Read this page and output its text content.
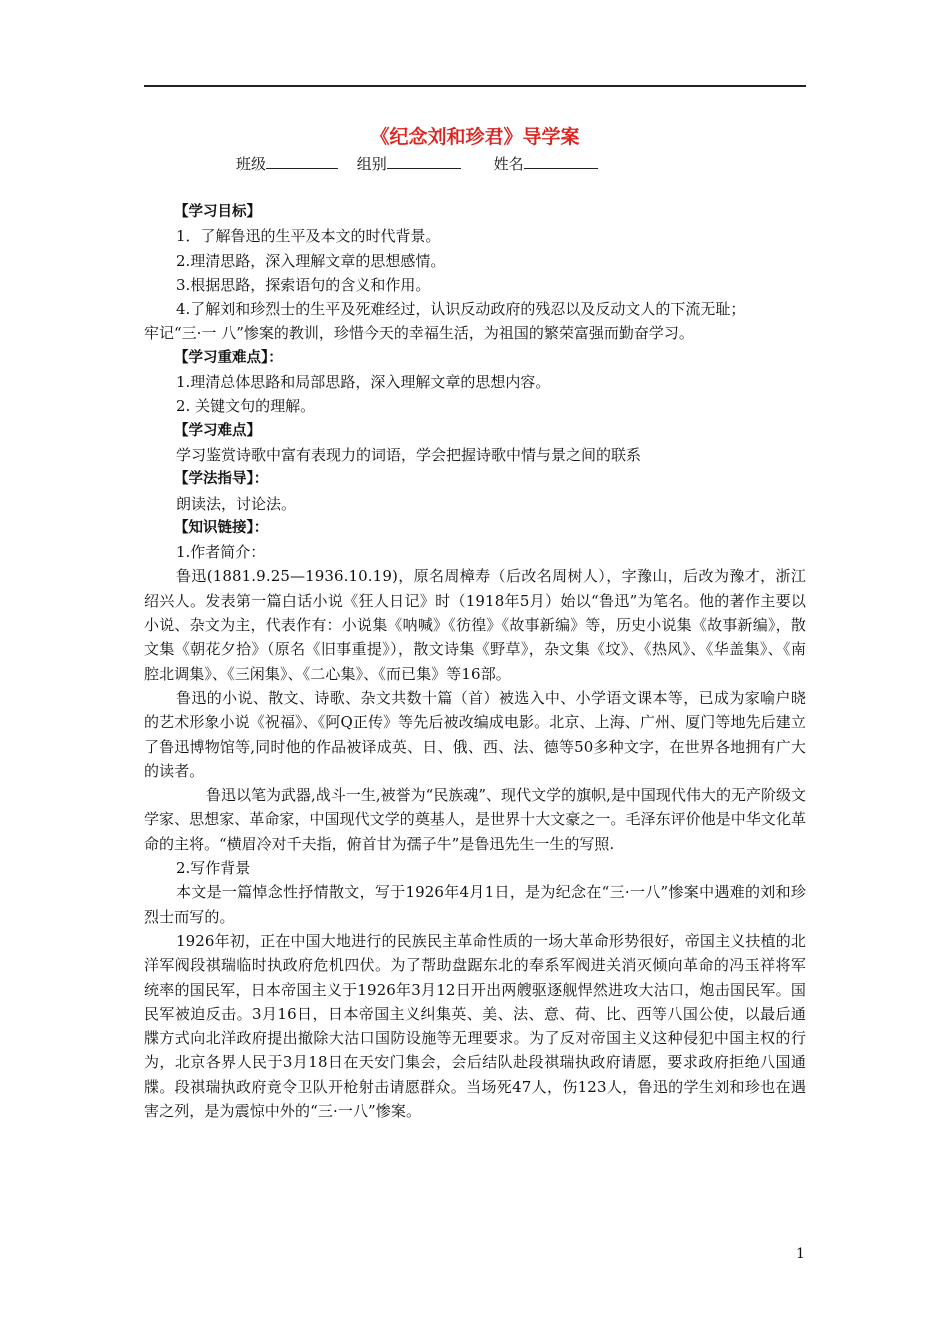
《纪念刘和珍君》导学案
班级	组别	姓名

【学习目标】

1．了解鲁迅的生平及本文的时代背景。

2.理清思路，深入理解文章的思想感情。

3.根据思路，探索语句的含义和作用。

4.了解刘和珍烈士的生平及死难经过，认识反动政府的残忍以及反动文人的下流无耻；

牢记“三·一 八”惨案的教训，珍惜今天的幸福生活，为祖国的繁荣富强而勤奋学习。

【学习重难点】：

1.理清总体思路和局部思路，深入理解文章的思想内容。

2. 关键文句的理解。

【学习难点】

学习鉴赏诗歌中富有表现力的词语，学会把握诗歌中情与景之间的联系

【学法指导】：

朗读法，讨论法。

【知识链接】：

1.作者简介：

鲁迅(1881.9.25—1936.10.19)，原名周樟寿（后改名周树人），字豫山，后改为豫才，浙江绍兴人。发表第一篇白话小说《狂人日记》时（1918年5月）始以“鲁迅”为笔名。他的著作主要以小说、杂文为主，代表作有：小说集《呐喊》《彷徨》《故事新编》等，历史小说集《故事新编》，散文集《朝花夕拾》（原名《旧事重提》），散文诗集《野草》，杂文集《坟》、《热风》、《华盖集》、《南腔北调集》、《三闲集》、《二心集》、《而已集》等16部。

鲁迅的小说、散文、诗歌、杂文共数十篇（首）被选入中、小学语文课本等，已成为家喻户晓的艺术形象小说《祝福》、《阿Q正传》等先后被改编成电影。北京、上海、广州、厦门等地先后建立了鲁迅博物馆等,同时他的作品被译成英、日、俄、西、法、德等50多种文字，在世界各地拥有广大的读者。

鲁迅以笔为武器,战斗一生,被誉为“民族魂”、现代文学的旗帜,是中国现代伟大的无产阶级文学家、思想家、革命家，中国现代文学的奠基人，是世界十大文豪之一。毛泽东评价他是中华文化革命的主将。“横眉冷对千夫指，俯首甘为孺子牛”是鲁迅先生一生的写照.

2.写作背景

本文是一篇悼念性抒情散文，写于1926年4月1日，是为纪念在“三·一八”惨案中遇难的刘和珍烈士而写的。

1926年初，正在中国大地进行的民族民主革命性质的一场大革命形势很好，帝国主义扶植的北洋军阀段祺瑞临时执政府危机四伏。为了帮助盘踞东北的奉系军阀进关消灭倾向革命的冯玉祥将军统率的国民军，日本帝国主义于1926年3月12日开出两艘驱逐舰悍然进攻大沽口，炮击国民军。国民军被迫反击。3月16日，日本帝国主义纠集英、美、法、意、荷、比、西等八国公使，以最后通牒方式向北洋政府提出撤除大沽口国防设施等无理要求。为了反对帝国主义这种侵犯中国主权的行为，北京各界人民于3月18日在天安门集会，会后结队赴段祺瑞执政府请愿，要求政府拒绝八国通牒。段祺瑞执政府竟令卫队开枪射击请愿群众。当场死47人，伤123人，鲁迅的学生刘和珍也在遇害之列，是为震惊中外的“三·一八”惨案。

1
